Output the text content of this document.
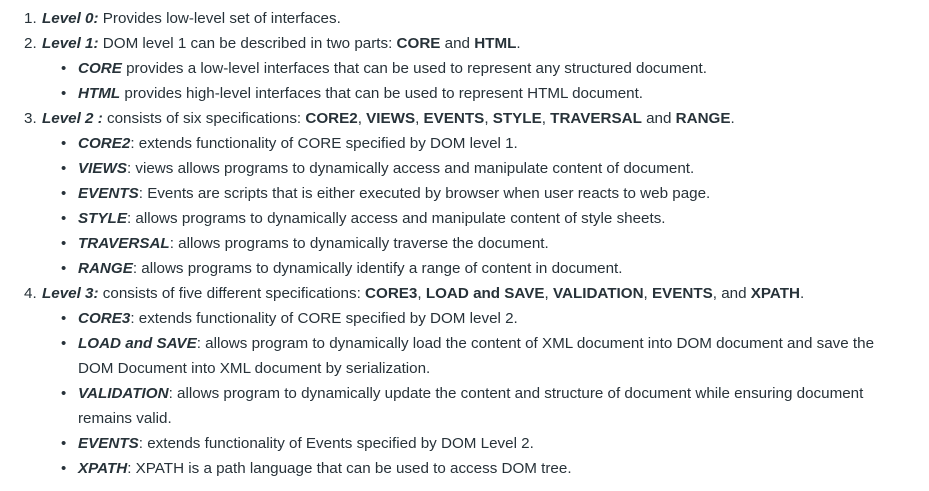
1. Level 0: Provides low-level set of interfaces.
2. Level 1: DOM level 1 can be described in two parts: CORE and HTML.
• CORE provides a low-level interfaces that can be used to represent any structured document.
• HTML provides high-level interfaces that can be used to represent HTML document.
3. Level 2 : consists of six specifications: CORE2, VIEWS, EVENTS, STYLE, TRAVERSAL and RANGE.
• CORE2: extends functionality of CORE specified by DOM level 1.
• VIEWS: views allows programs to dynamically access and manipulate content of document.
• EVENTS: Events are scripts that is either executed by browser when user reacts to web page.
• STYLE: allows programs to dynamically access and manipulate content of style sheets.
• TRAVERSAL: allows programs to dynamically traverse the document.
• RANGE: allows programs to dynamically identify a range of content in document.
4. Level 3: consists of five different specifications: CORE3, LOAD and SAVE, VALIDATION, EVENTS, and XPATH.
• CORE3: extends functionality of CORE specified by DOM level 2.
• LOAD and SAVE: allows program to dynamically load the content of XML document into DOM document and save the DOM Document into XML document by serialization.
• VALIDATION: allows program to dynamically update the content and structure of document while ensuring document remains valid.
• EVENTS: extends functionality of Events specified by DOM Level 2.
• XPATH: XPATH is a path language that can be used to access DOM tree.
